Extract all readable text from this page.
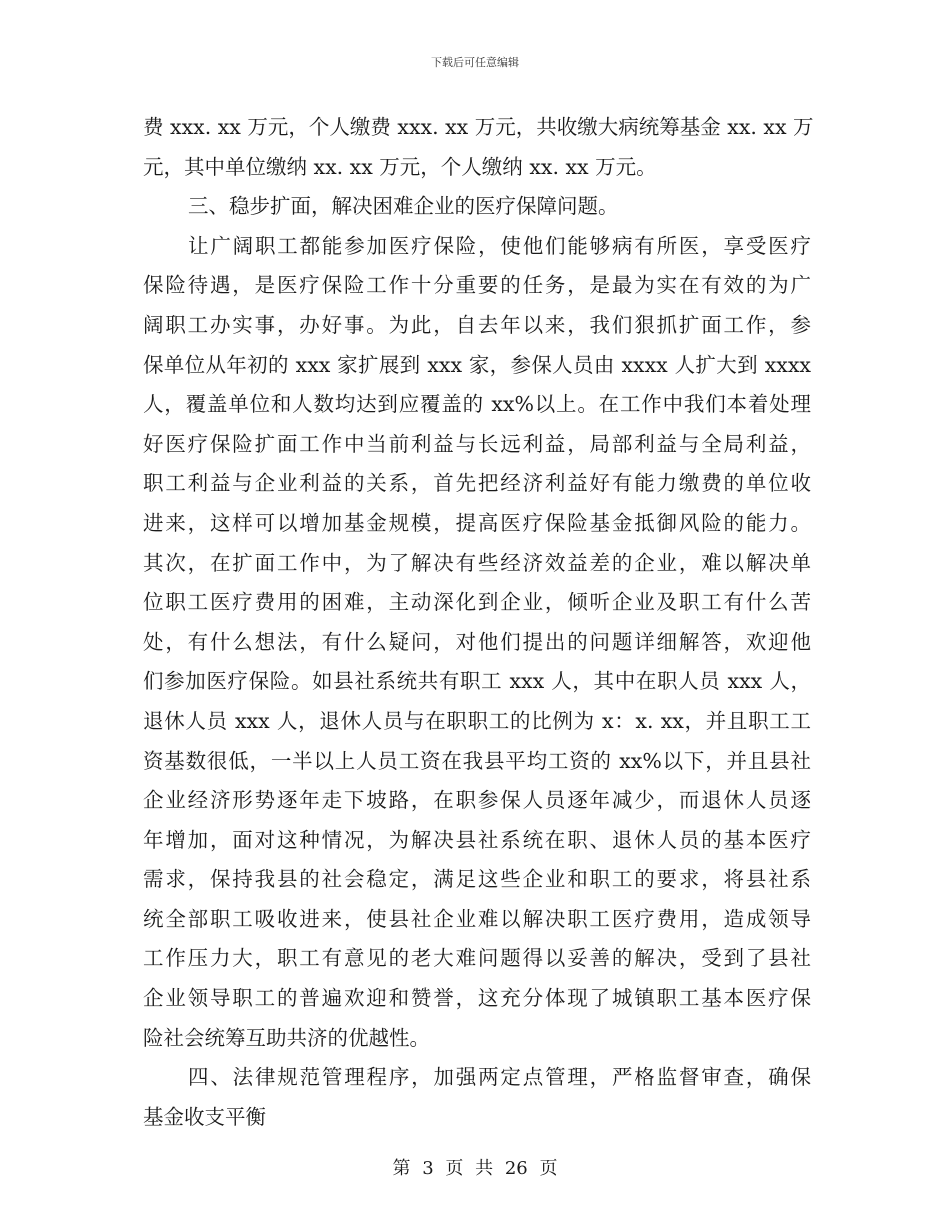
下载后可任意编辑
费 xxx. xx 万元，个人缴费 xxx. xx 万元，共收缴大病统筹基金 xx. xx 万
元，其中单位缴纳 xx. xx 万元，个人缴纳 xx. xx 万元。
三、稳步扩面，解决困难企业的医疗保障问题。
让广阔职工都能参加医疗保险，使他们能够病有所医，享受医疗
保险待遇，是医疗保险工作十分重要的任务，是最为实在有效的为广
阔职工办实事，办好事。为此，自去年以来，我们狠抓扩面工作，参
保单位从年初的 xxx 家扩展到 xxx 家，参保人员由 xxxx 人扩大到 xxxx
人，覆盖单位和人数均达到应覆盖的 xx%以上。在工作中我们本着处理
好医疗保险扩面工作中当前利益与长远利益，局部利益与全局利益，
职工利益与企业利益的关系，首先把经济利益好有能力缴费的单位收
进来，这样可以增加基金规模，提高医疗保险基金抵御风险的能力。
其次，在扩面工作中，为了解决有些经济效益差的企业，难以解决单
位职工医疗费用的困难，主动深化到企业，倾听企业及职工有什么苦
处，有什么想法，有什么疑问，对他们提出的问题详细解答，欢迎他
们参加医疗保险。如县社系统共有职工 xxx 人，其中在职人员 xxx 人，
退休人员 xxx 人，退休人员与在职职工的比例为 x：x. xx，并且职工工
资基数很低，一半以上人员工资在我县平均工资的 xx%以下，并且县社
企业经济形势逐年走下坡路，在职参保人员逐年减少，而退休人员逐
年增加，面对这种情况，为解决县社系统在职、退休人员的基本医疗
需求，保持我县的社会稳定，满足这些企业和职工的要求，将县社系
统全部职工吸收进来，使县社企业难以解决职工医疗费用，造成领导
工作压力大，职工有意见的老大难问题得以妥善的解决，受到了县社
企业领导职工的普遍欢迎和赞誉，这充分体现了城镇职工基本医疗保
险社会统筹互助共济的优越性。
四、法律规范管理程序，加强两定点管理，严格监督审查，确保
基金收支平衡
第 3 页 共 26 页
